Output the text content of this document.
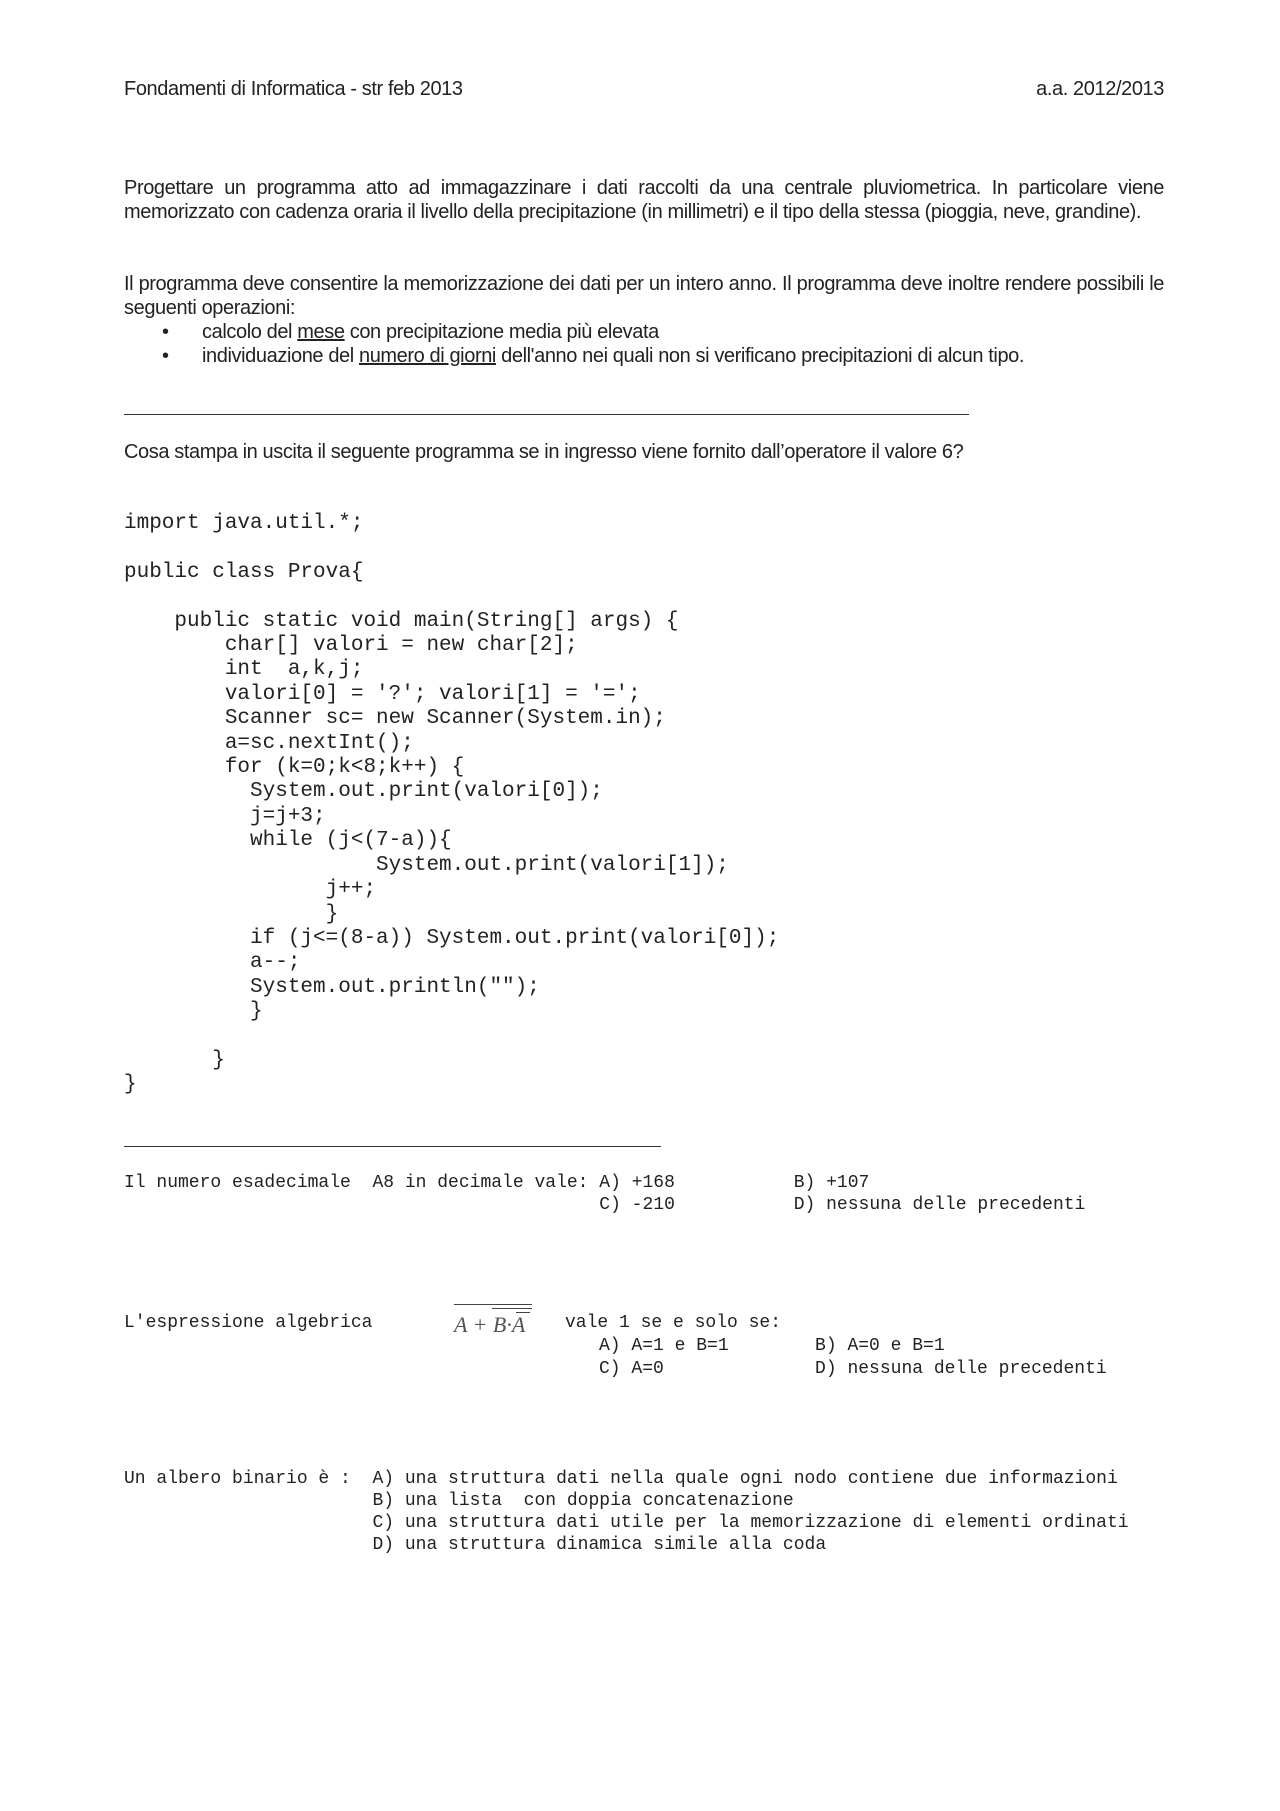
Fondamenti di Informatica - str feb 2013	a.a. 2012/2013
Progettare un programma atto ad immagazzinare i dati raccolti da una centrale pluviometrica. In particolare viene memorizzato con cadenza oraria il livello della precipitazione (in millimetri) e il tipo della stessa (pioggia, neve, grandine).
Il programma deve consentire la memorizzazione dei dati per un intero anno. Il programma deve inoltre rendere possibili le seguenti operazioni:
• calcolo del mese con precipitazione media più elevata
• individuazione del numero di giorni dell'anno nei quali non si verificano precipitazioni di alcun tipo.
Cosa stampa in uscita il seguente programma se in ingresso viene fornito dall’operatore il valore 6?
import java.util.*;

public class Prova{

public static void main(String[] args) {
char[] valori = new char[2];
int  a,k,j;
valori[0] = '?'; valori[1] = '=';
Scanner sc= new Scanner(System.in);
a=sc.nextInt();
for (k=0;k<8;k++) {
System.out.print(valori[0]);
j=j+3;
while (j<(7-a)){
System.out.print(valori[1]);
j++;
}
if (j<=(8-a)) System.out.print(valori[0]);
a--;
System.out.println("");
}

}
}
Il numero esadecimale  A8 in decimale vale: A) +168           B) +107
C) -210           D) nessuna delle precedenti
L'espressione algebrica	A + B·A vale 1 se e solo se:
A) A=1 e B=1        B) A=0 e B=1
C) A=0              D) nessuna delle precedenti
Un albero binario è :  A) una struttura dati nella quale ogni nodo contiene due informazioni
B) una lista  con doppia concatenazione
C) una struttura dati utile per la memorizzazione di elementi ordinati
D) una struttura dinamica simile alla coda
